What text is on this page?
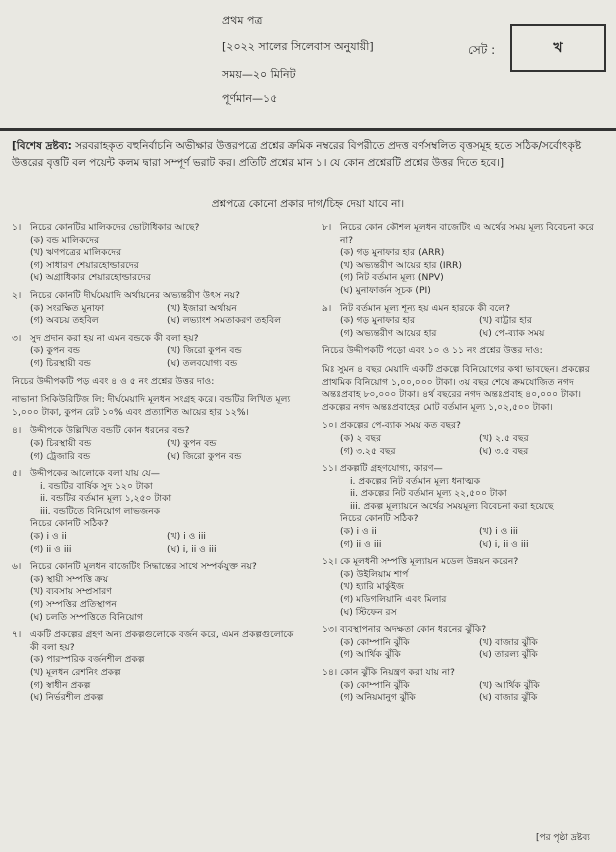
প্রথম পত্র
[২০২২ সালের সিলেবাস অনুযায়ী]
সময়—২০ মিনিট
পূর্ণমান—১৫
সেট :	খ
[বিশেষ দ্রষ্টব্য: সরবরাহকৃত বহুনির্বাচনি অভীক্ষার উত্তরপত্রে প্রশ্নের ক্রমিক নম্বরের বিপরীতে প্রদত্ত বর্ণসম্বলিত বৃত্তসমূহ হতে সঠিক/সর্বোৎকৃষ্ট উত্তরের বৃত্তটি বল পয়েন্ট কলম দ্বারা সম্পূর্ণ ভরাট কর। প্রতিটি প্রশ্নের মান ১। যে কোন প্রশ্নেরটি প্রশ্নের উত্তর দিতে হবে।]
প্রশ্নপত্রে কোনো প্রকার দাগ/চিহ্ন দেয়া যাবে না।
১। নিচের কোনটির মালিকদের ভোটাধিকার আছে?
(ক) বন্ড মালিকদের
(খ) ঋণপত্রের মালিকদের
(গ) সাধারণ শেয়ারহোল্ডারদের
(ঘ) অগ্রাধিকার শেয়ারহোল্ডারদের
২। নিচের কোনটি দীর্ঘমেয়াদি অর্থায়নের অভ্যন্তরীণ উৎস নয়?
(ক) সংরক্ষিত মুনাফা	(খ) ইজারা অর্থায়ন
(গ) অবচয় তহবিল	(ঘ) লভ্যাংশ সমতাকরণ তহবিল
৩। সুদ প্রদান করা হয় না এমন বন্ডকে কী বলা হয়?
(ক) কুপন বন্ড	(খ) জিরো কুপন বন্ড
(গ) চিরস্থায়ী বন্ড	(ঘ) তলবযোগ্য বন্ড
নিচের উদ্দীপকটি পড় এবং ৪ ও ৫ নং প্রশ্নের উত্তর দাও:
নাভানা সিকিউরিটিজ লি: দীর্ঘমেয়াদি মূলধন সংগ্রহ করে। বন্ডটির লিখিত মূল্য ১,০০০ টাকা, কুপন রেট ১০% এবং প্রত্যাশিত আয়ের হার ১২%।
৪। উদ্দীপকে উল্লিখিত বন্ডটি কোন ধরনের বন্ড?
(ক) চিরস্থায়ী বন্ড	(খ) কুপন বন্ড
(গ) ট্রেজারি বন্ড	(ঘ) জিরো কুপন বন্ড
৫। উদ্দীপকের আলোকে বলা যায় যে—
i. বন্ডটির বার্ষিক সুদ ১২০ টাকা
ii. বন্ডটির বর্তমান মূল্য ১,২৫০ টাকা
iii. বন্ডটিতে বিনিয়োগ লাভজনক
নিচের কোনটি সঠিক?
(ক) i ও ii	(খ) i ও iii
(গ) ii ও iii	(ঘ) i, ii ও iii
৬। নিচের কোনটি মূলধন বাজেটিং সিদ্ধান্তের সাথে সম্পর্কযুক্ত নয়?
(ক) স্থায়ী সম্পত্তি ক্রয়
(খ) ব্যবসায় সম্প্রসারণ
(গ) সম্পত্তির প্রতিস্থাপন
(ঘ) চলতি সম্পত্তিতে বিনিয়োগ
৭। একটি প্রকল্পের গ্রহণ অন্য প্রকল্পগুলোকে বর্জন করে, এমন প্রকল্পগুলোকে কী বলা হয়?
(ক) পারস্পরিক বর্জনশীল প্রকল্প
(খ) মূলধন রেশনিং প্রকল্প
(গ) স্বাধীন প্রকল্প
(ঘ) নির্ভরশীল প্রকল্প
৮। নিচের কোন কৌশল মূলধন বাজেটিং এ অর্থের সময় মূল্য বিবেচনা করে না?
(ক) গড় মুনাফার হার (ARR)
(খ) অভ্যন্তরীণ আয়ের হার (IRR)
(গ) নিট বর্তমান মূল্য (NPV)
(ঘ) মুনাফাৰ্জন সূচক (PI)
৯। নিট বর্তমান মূল্য শূন্য হয় এমন হারকে কী বলে?
(ক) গড় মুনাফার হার	(খ) বাট্টার হার
(গ) অভ্যন্তরীণ আয়ের হার	(ঘ) পে-ব্যাক সময়
নিচের উদ্দীপকটি পড়ো এবং ১০ ও ১১ নং প্রশ্নের উত্তর দাও:
মিঃ সুমন ৪ বছর মেয়াদি একটি প্রকল্পে বিনিয়োগের কথা ভাবছেন। প্রকল্পের প্রাথমিক বিনিয়োগ ১,০০,০০০ টাকা। ৩য় বছর শেষে ক্রমযোজিত নগদ অন্তঃপ্রবাহ ৮০,০০০ টাকা। ৪র্থ বছরের নগদ অন্তঃপ্রবাহ ৪০,০০০ টাকা। প্রকল্পের নগদ অন্তঃপ্রবাহের মোট বর্তমান মূল্য ১,০২,৫০০ টাকা।
১০। প্রকল্পের পে-ব্যাক সময় কত বছর?
(ক) ২ বছর	(খ) ২.৫ বছর
(গ) ৩.২৫ বছর	(ঘ) ৩.৫ বছর
১১। প্রকল্পটি গ্রহণযোগ্য, কারণ—
i. প্রকল্পের নিট বর্তমান মূল্য ধনাত্মক
ii. প্রকল্পের নিট বর্তমান মূল্য ২২,৫০০ টাকা
iii. প্রকল্প মূল্যায়নে অর্থের সময়মূল্য বিবেচনা করা হয়েছে
নিচের কোনটি সঠিক?
(ক) i ও ii	(খ) i ও iii
(গ) ii ও iii	(ঘ) i, ii ও iii
১২। কে মূলধনী সম্পত্তি মূল্যায়ন মডেল উন্নয়ন করেন?
(ক) উইলিয়াম শার্প
(খ) হ্যারি মার্কুইজ
(গ) মডিগলিয়ানি এবং মিলার
(ঘ) স্টিফেন রস
১৩। ব্যবস্থাপনার অদক্ষতা কোন ধরনের ঝুঁকি?
(ক) কোম্পানি ঝুঁকি	(খ) বাজার ঝুঁকি
(গ) আর্থিক ঝুঁকি	(ঘ) তারল্য ঝুঁকি
১৪। কোন ঝুঁকি নিয়ন্ত্রণ করা যায় না?
(ক) কোম্পানি ঝুঁকি	(খ) আর্থিক ঝুঁকি
(গ) অনিয়মানুগ ঝুঁকি	(ঘ) বাজার ঝুঁকি
[পর পৃষ্ঠা দ্রষ্টব্য
